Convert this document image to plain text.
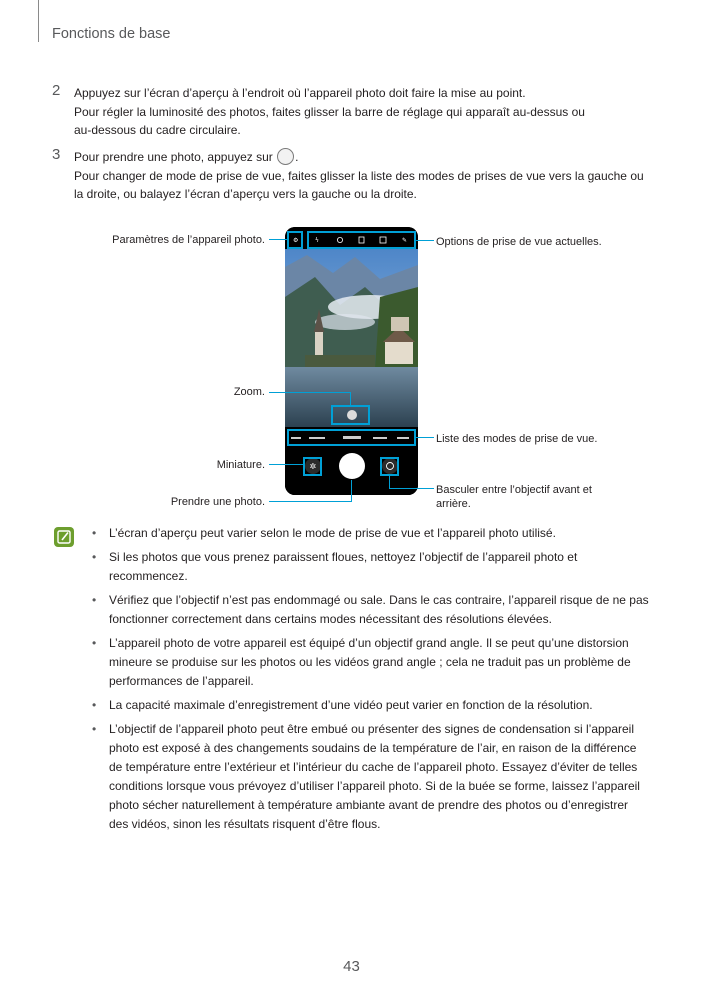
Fonctions de base
2 Appuyez sur l’écran d’aperçu à l’endroit où l’appareil photo doit faire la mise au point.
Pour régler la luminosité des photos, faites glisser la barre de réglage qui apparaît au-dessus ou
au-dessous du cadre circulaire.
3 Pour prendre une photo, appuyez sur .
Pour changer de mode de prise de vue, faites glisser la liste des modes de prises de vue vers la gauche ou
la droite, ou balayez l’écran d’aperçu vers la gauche ou la droite.
Paramètres de l’appareil photo.	Options de prise de vue actuelles.
Zoom.
Liste des modes de prise de vue.
Miniature.
Basculer entre l’objectif avant et
arrière.
Prendre une photo.
⚙	ϟ	✎
✲
• L’écran d’aperçu peut varier selon le mode de prise de vue et l’appareil photo utilisé.
• Si les photos que vous prenez paraissent floues, nettoyez l’objectif de l’appareil photo et
recommencez.
• Vérifiez que l’objectif n’est pas endommagé ou sale. Dans le cas contraire, l’appareil risque de ne pas
fonctionner correctement dans certains modes nécessitant des résolutions élevées.
• L’appareil photo de votre appareil est équipé d’un objectif grand angle. Il se peut qu’une distorsion
mineure se produise sur les photos ou les vidéos grand angle ; cela ne traduit pas un problème de
performances de l’appareil.
• La capacité maximale d’enregistrement d’une vidéo peut varier en fonction de la résolution.
• L’objectif de l’appareil photo peut être embué ou présenter des signes de condensation si l’appareil
photo est exposé à des changements soudains de la température de l’air, en raison de la différence
de température entre l’extérieur et l’intérieur du cache de l’appareil photo. Essayez d’éviter de telles
conditions lorsque vous prévoyez d’utiliser l’appareil photo. Si de la buée se forme, laissez l’appareil
photo sécher naturellement à température ambiante avant de prendre des photos ou d’enregistrer
des vidéos, sinon les résultats risquent d’être flous.
43
